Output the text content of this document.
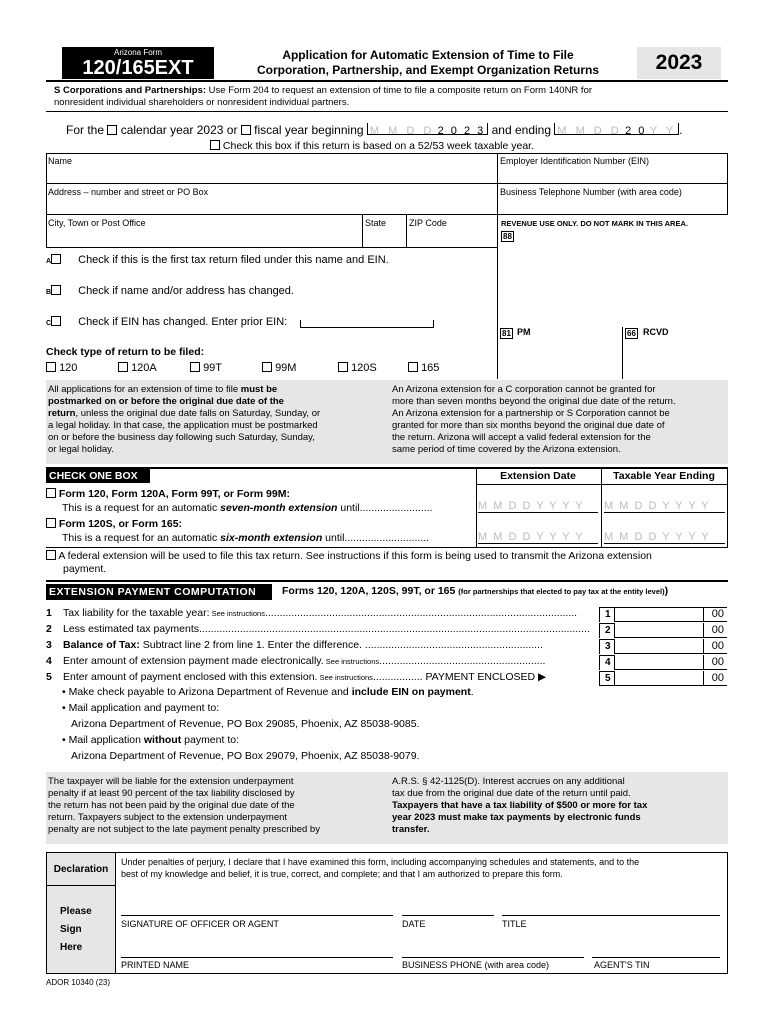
Arizona Form
120/165EXT
Application for Automatic Extension of Time to File
Corporation, Partnership, and Exempt Organization Returns	2023
S Corporations and Partnerships: Use Form 204 to request an extension of time to file a composite return on Form 140NR for
nonresident individual shareholders or nonresident individual partners.
For the calendar year 2023 or fiscal year beginning M M D D 2 0 2 3 and ending M M D D 2 0 Y Y .
Check this box if this return is based on a 52/53 week taxable year.
Name	Employer Identification Number (EIN)
Address – number and street or PO Box	Business Telephone Number (with area code)
City, Town or Post Office	State	ZIP Code	REVENUE USE ONLY. DO NOT MARK IN THIS AREA.
88
81 PM	66 RCVD
A Check if this is the first tax return filed under this name and EIN.
B Check if name and/or address has changed.
C Check if EIN has changed. Enter prior EIN:
Check type of return to be filed:
120	120A	99T	99M	120S	165
All applications for an extension of time to file must be
postmarked on or before the original due date of the
return, unless the original due date falls on Saturday, Sunday, or
a legal holiday. In that case, the application must be postmarked
on or before the business day following such Saturday, Sunday,
or legal holiday.
An Arizona extension for a C corporation cannot be granted for
more than seven months beyond the original due date of the return.
An Arizona extension for a partnership or S Corporation cannot be
granted for more than six months beyond the original due date of
the return. Arizona will accept a valid federal extension for the
same period of time covered by the Arizona extension.
CHECK ONE BOX	Extension Date	Taxable Year Ending
Form 120, Form 120A, Form 99T, or Form 99M:
This is a request for an automatic seven-month extension until.........................	M M D D Y Y Y Y	M M D D Y Y Y Y
Form 120S, or Form 165:
This is a request for an automatic six-month extension until.............................	M M D D Y Y Y Y	M M D D Y Y Y Y
A federal extension will be used to file this tax return. See instructions if this form is being used to transmit the Arizona extension
payment.
EXTENSION PAYMENT COMPUTATION	Forms 120, 120A, 120S, 99T, or 165 (for partnerships that elected to pay tax at the entity level))
1 Tax liability for the taxable year: See instructions...........................................................................................................	1	00
2 Less estimated tax payments......................................................................................................................................	2	00
3 Balance of Tax: Subtract line 2 from line 1. Enter the difference. .............................................................	3	00
4 Enter amount of extension payment made electronically. See instructions.........................................................	4	00
5 Enter amount of payment enclosed with this extension. See instructions................. PAYMENT ENCLOSED ▶	5	00
• Make check payable to Arizona Department of Revenue and include EIN on payment.
• Mail application and payment to:
Arizona Department of Revenue, PO Box 29085, Phoenix, AZ 85038-9085.
• Mail application without payment to:
Arizona Department of Revenue, PO Box 29079, Phoenix, AZ 85038-9079.
The taxpayer will be liable for the extension underpayment
penalty if at least 90 percent of the tax liability disclosed by
the return has not been paid by the original due date of the
return. Taxpayers subject to the extension underpayment
penalty are not subject to the late payment penalty prescribed by
A.R.S. § 42-1125(D). Interest accrues on any additional
tax due from the original due date of the return until paid.
Taxpayers that have a tax liability of $500 or more for tax
year 2023 must make tax payments by electronic funds
transfer.
Declaration
Under penalties of perjury, I declare that I have examined this form, including accompanying schedules and statements, and to the
best of my knowledge and belief, it is true, correct, and complete; and that I am authorized to prepare this form.
Please
Sign
Here
SIGNATURE OF OFFICER OR AGENT	DATE	TITLE
PRINTED NAME	BUSINESS PHONE (with area code)	AGENT'S TIN
ADOR 10340 (23)
